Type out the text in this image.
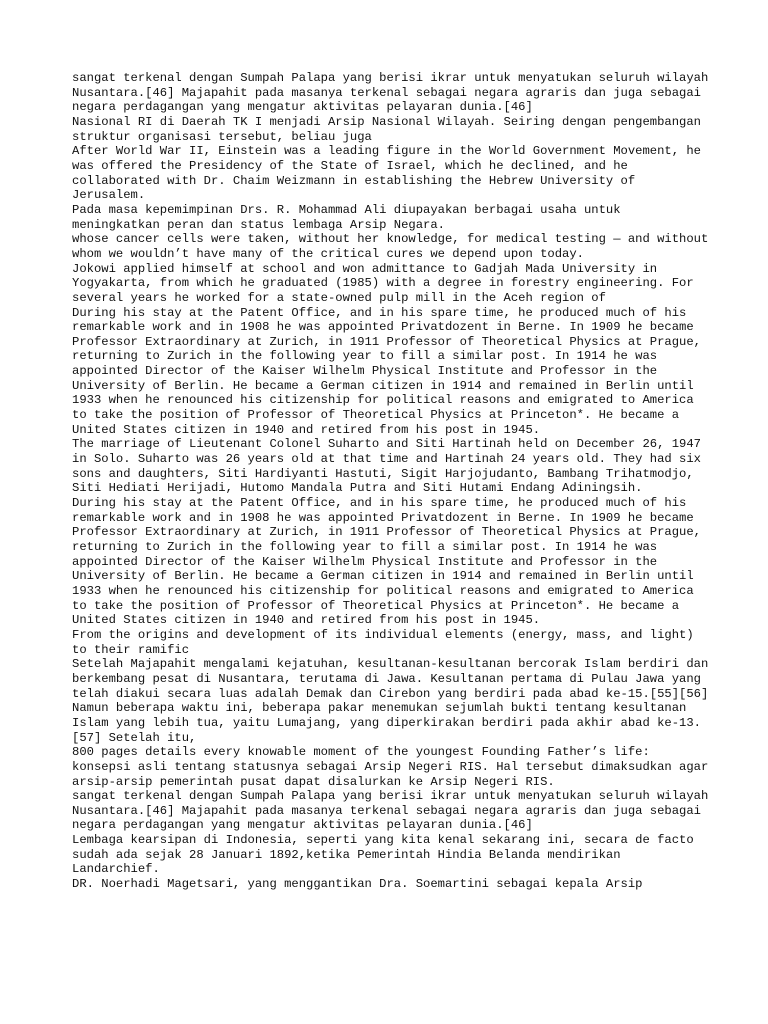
sangat terkenal dengan Sumpah Palapa yang berisi ikrar untuk menyatukan seluruh wilayah Nusantara.[46] Majapahit pada masanya terkenal sebagai negara agraris dan juga sebagai negara perdagangan yang mengatur aktivitas pelayaran dunia.[46]

Nasional RI di Daerah TK I menjadi Arsip Nasional Wilayah. Seiring dengan pengembangan struktur organisasi tersebut, beliau juga

After World War II, Einstein was a leading figure in the World Government Movement, he was offered the Presidency of the State of Israel, which he declined, and he collaborated with Dr. Chaim Weizmann in establishing the Hebrew University of Jerusalem.

Pada masa kepemimpinan Drs. R. Mohammad Ali diupayakan berbagai usaha untuk meningkatkan peran dan status lembaga Arsip Negara.

whose cancer cells were taken, without her knowledge, for medical testing — and without whom we wouldn’t have many of the critical cures we depend upon today.

Jokowi applied himself at school and won admittance to Gadjah Mada University in Yogyakarta, from which he graduated (1985) with a degree in forestry engineering. For several years he worked for a state-owned pulp mill in the Aceh region of

During his stay at the Patent Office, and in his spare time, he produced much of his remarkable work and in 1908 he was appointed Privatdozent in Berne. In 1909 he became Professor Extraordinary at Zurich, in 1911 Professor of Theoretical Physics at Prague, returning to Zurich in the following year to fill a similar post. In 1914 he was appointed Director of the Kaiser Wilhelm Physical Institute and Professor in the University of Berlin. He became a German citizen in 1914 and remained in Berlin until 1933 when he renounced his citizenship for political reasons and emigrated to America to take the position of Professor of Theoretical Physics at Princeton*. He became a United States citizen in 1940 and retired from his post in 1945.

The marriage of Lieutenant Colonel Suharto and Siti Hartinah held on December 26, 1947 in Solo. Suharto was 26 years old at that time and Hartinah 24 years old. They had six sons and daughters, Siti Hardiyanti Hastuti, Sigit Harjojudanto, Bambang Trihatmodjo, Siti Hediati Herijadi, Hutomo Mandala Putra and Siti Hutami Endang Adiningsih.

During his stay at the Patent Office, and in his spare time, he produced much of his remarkable work and in 1908 he was appointed Privatdozent in Berne. In 1909 he became Professor Extraordinary at Zurich, in 1911 Professor of Theoretical Physics at Prague, returning to Zurich in the following year to fill a similar post. In 1914 he was appointed Director of the Kaiser Wilhelm Physical Institute and Professor in the University of Berlin. He became a German citizen in 1914 and remained in Berlin until 1933 when he renounced his citizenship for political reasons and emigrated to America to take the position of Professor of Theoretical Physics at Princeton*. He became a United States citizen in 1940 and retired from his post in 1945.

From the origins and development of its individual elements (energy, mass, and light) to their ramific

Setelah Majapahit mengalami kejatuhan, kesultanan-kesultanan bercorak Islam berdiri dan berkembang pesat di Nusantara, terutama di Jawa. Kesultanan pertama di Pulau Jawa yang telah diakui secara luas adalah Demak dan Cirebon yang berdiri pada abad ke-15.[55][56] Namun beberapa waktu ini, beberapa pakar menemukan sejumlah bukti tentang kesultanan Islam yang lebih tua, yaitu Lumajang, yang diperkirakan berdiri pada akhir abad ke-13.[57] Setelah itu,

800 pages details every knowable moment of the youngest Founding Father’s life:

konsepsi asli tentang statusnya sebagai Arsip Negeri RIS. Hal tersebut dimaksudkan agar arsip-arsip pemerintah pusat dapat disalurkan ke Arsip Negeri RIS.

sangat terkenal dengan Sumpah Palapa yang berisi ikrar untuk menyatukan seluruh wilayah Nusantara.[46] Majapahit pada masanya terkenal sebagai negara agraris dan juga sebagai negara perdagangan yang mengatur aktivitas pelayaran dunia.[46]

Lembaga kearsipan di Indonesia, seperti yang kita kenal sekarang ini, secara de facto sudah ada sejak 28 Januari 1892,ketika Pemerintah Hindia Belanda mendirikan Landarchief.

DR. Noerhadi Magetsari, yang menggantikan Dra. Soemartini sebagai kepala Arsip
